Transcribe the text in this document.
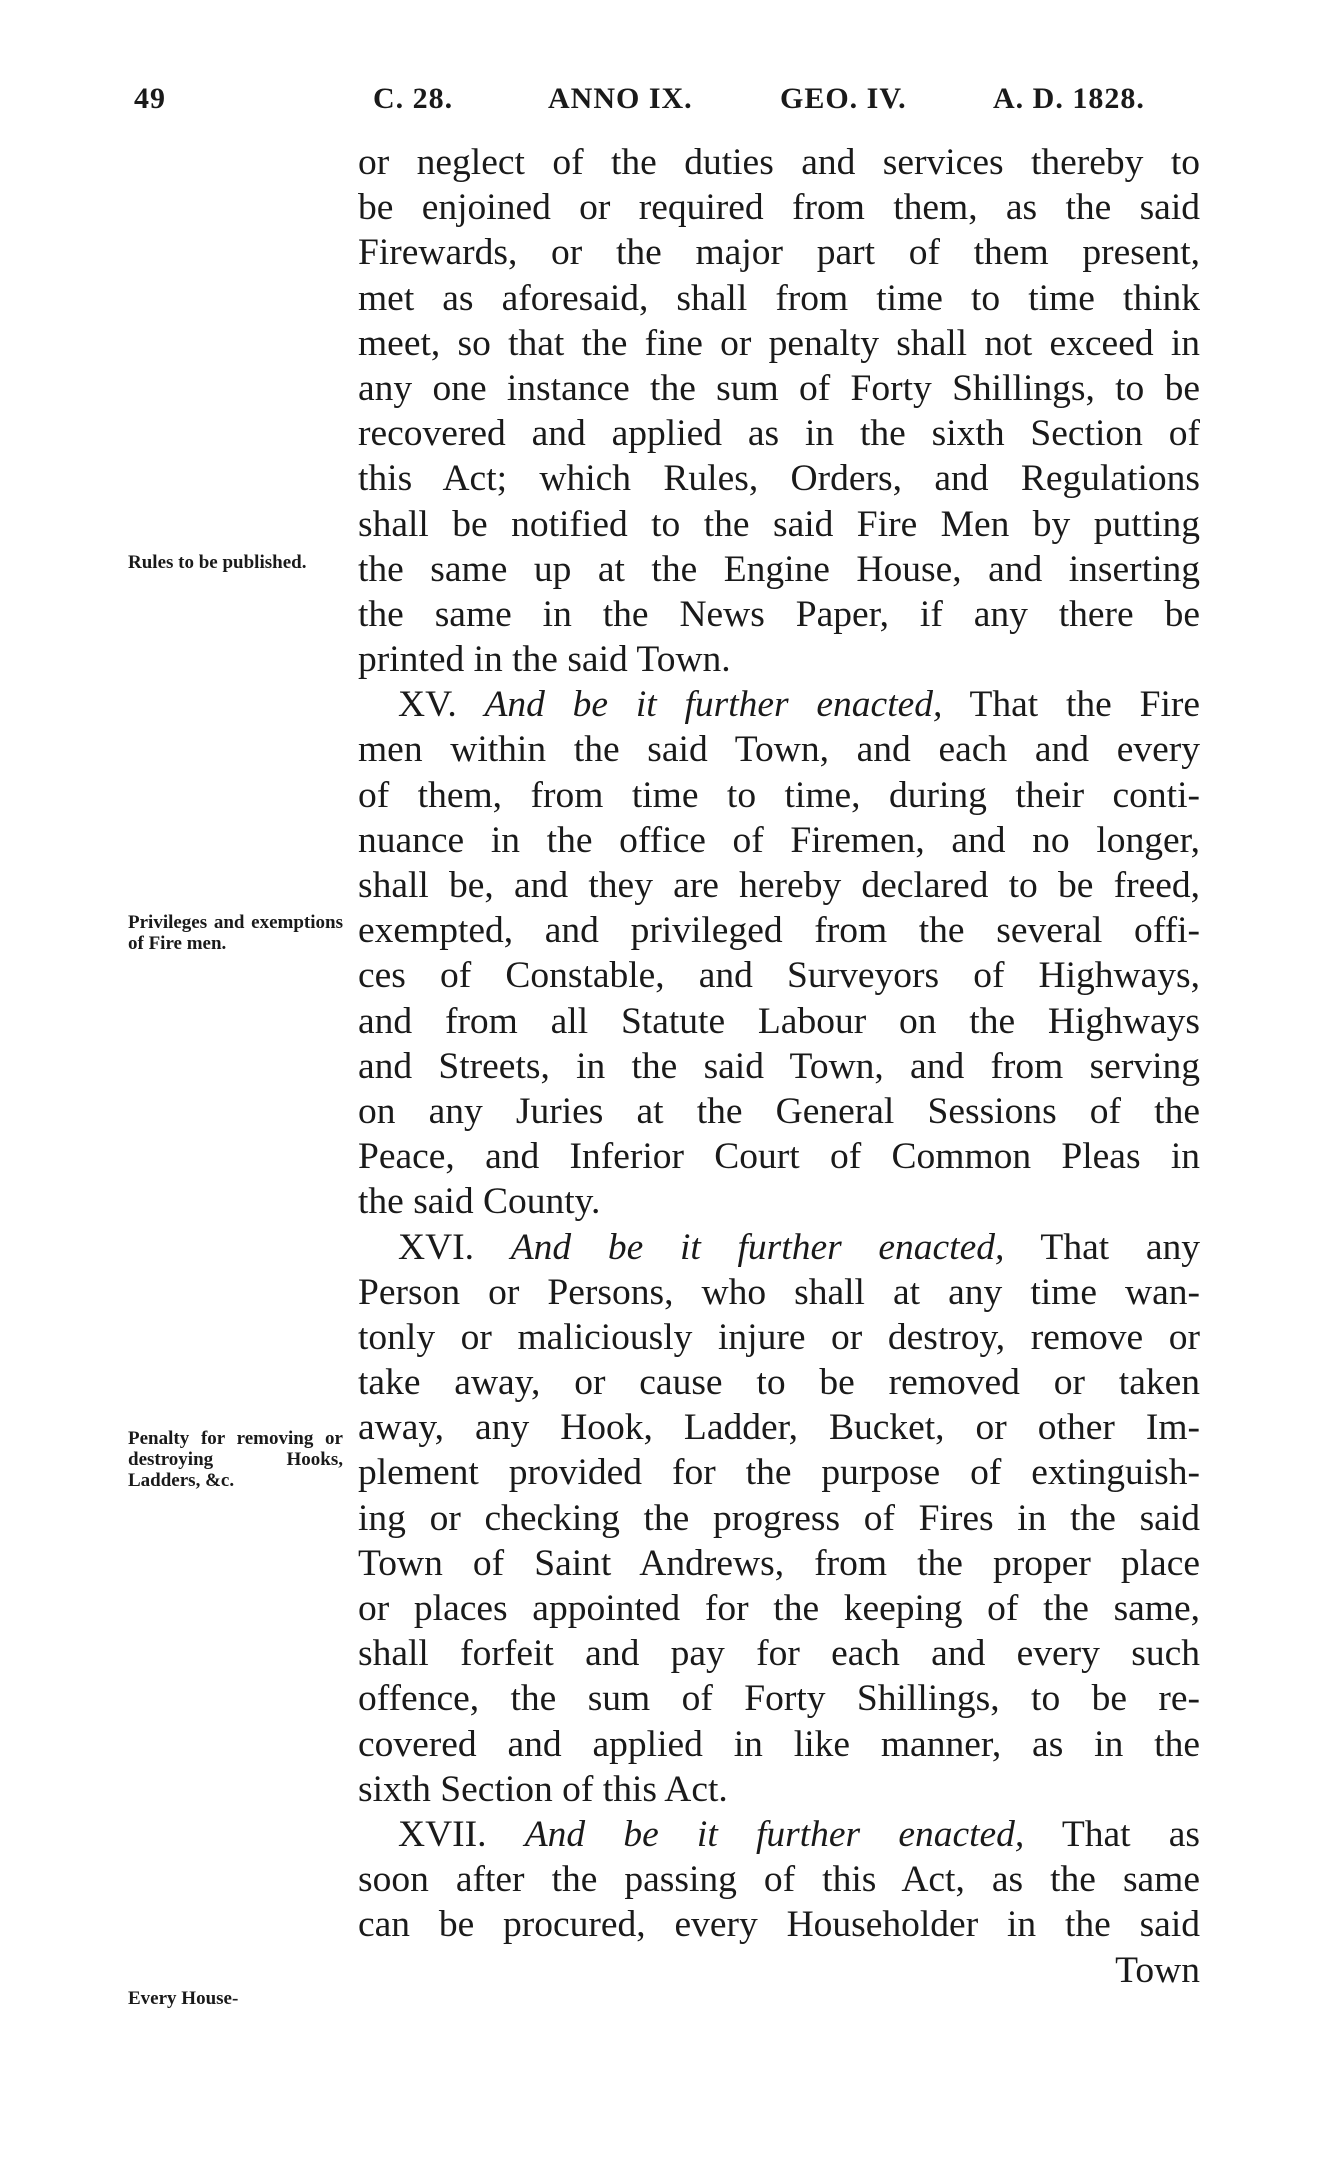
49	C. 28.	ANNO IX.	GEO. IV.	A. D. 1828.
Rules to be published.
Privileges and exemptions of Fire men.
Penalty for removing or destroying Hooks, Ladders, &c.
Every House-
or neglect of the duties and services thereby to
be enjoined or required from them, as the said
Firewards, or the major part of them present,
met as aforesaid, shall from time to time think
meet, so that the fine or penalty shall not exceed in
any one instance the sum of Forty Shillings, to be
recovered and applied as in the sixth Section of
this Act; which Rules, Orders, and Regulations
shall be notified to the said Fire Men by putting
the same up at the Engine House, and inserting
the same in the News Paper, if any there be
printed in the said Town.
XV. And be it further enacted, That the Fire
men within the said Town, and each and every
of them, from time to time, during their conti-
nuance in the office of Firemen, and no longer,
shall be, and they are hereby declared to be freed,
exempted, and privileged from the several offi-
ces of Constable, and Surveyors of Highways,
and from all Statute Labour on the Highways
and Streets, in the said Town, and from serving
on any Juries at the General Sessions of the
Peace, and Inferior Court of Common Pleas in
the said County.
XVI. And be it further enacted, That any
Person or Persons, who shall at any time wan-
tonly or maliciously injure or destroy, remove or
take away, or cause to be removed or taken
away, any Hook, Ladder, Bucket, or other Im-
plement provided for the purpose of extinguish-
ing or checking the progress of Fires in the said
Town of Saint Andrews, from the proper place
or places appointed for the keeping of the same,
shall forfeit and pay for each and every such
offence, the sum of Forty Shillings, to be re-
covered and applied in like manner, as in the
sixth Section of this Act.
XVII. And be it further enacted, That as
soon after the passing of this Act, as the same
can be procured, every Householder in the said
Town
